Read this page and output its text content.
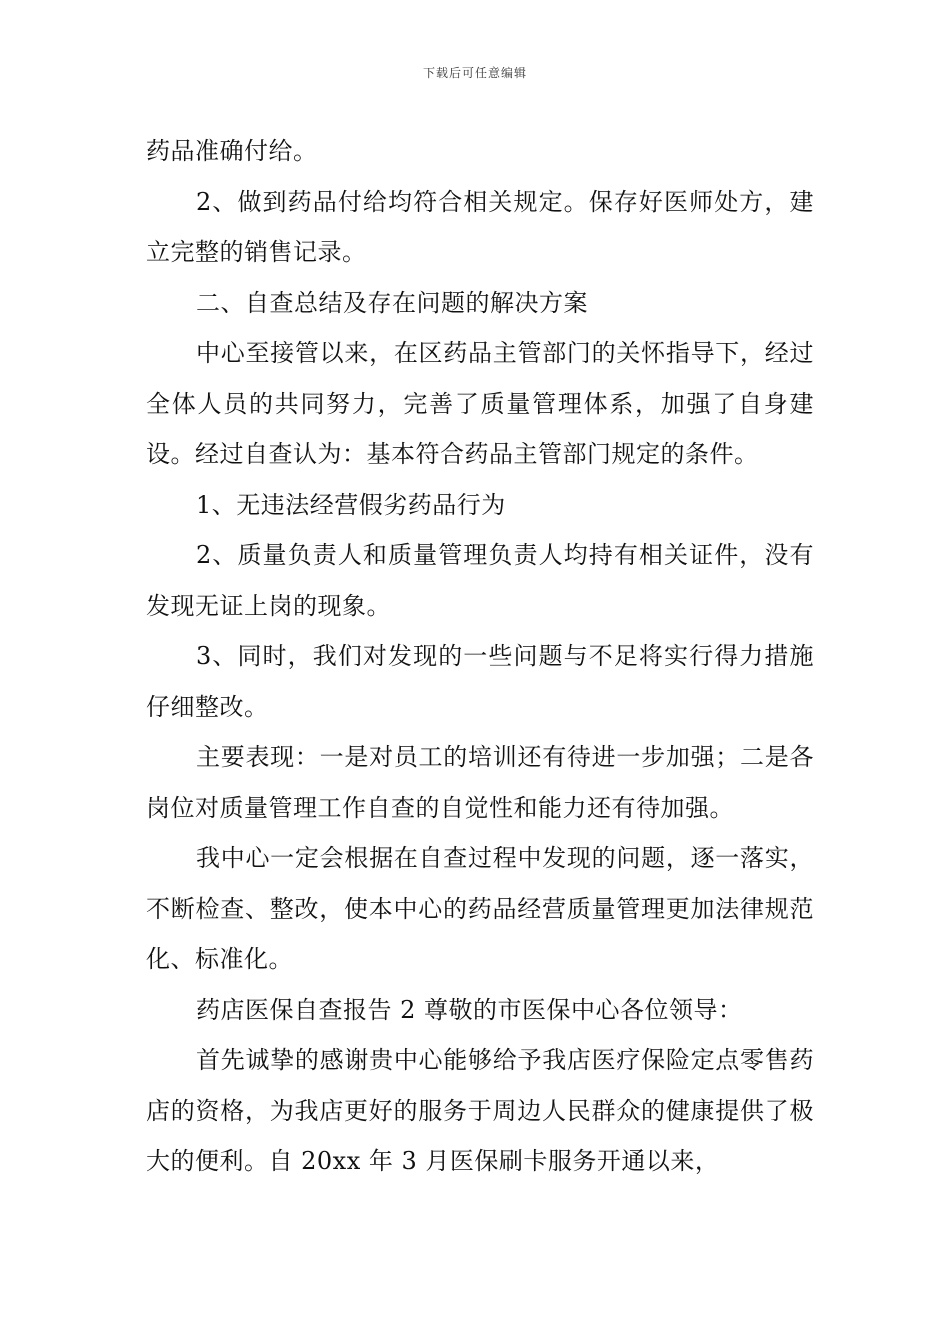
下载后可任意编辑

药品准确付给。

2、做到药品付给均符合相关规定。保存好医师处方，建立完整的销售记录。

二、自查总结及存在问题的解决方案

中心至接管以来，在区药品主管部门的关怀指导下，经过全体人员的共同努力，完善了质量管理体系，加强了自身建设。经过自查认为：基本符合药品主管部门规定的条件。

1、无违法经营假劣药品行为

2、质量负责人和质量管理负责人均持有相关证件，没有发现无证上岗的现象。

3、同时，我们对发现的一些问题与不足将实行得力措施仔细整改。

主要表现：一是对员工的培训还有待进一步加强；二是各岗位对质量管理工作自查的自觉性和能力还有待加强。

我中心一定会根据在自查过程中发现的问题，逐一落实，不断检查、整改，使本中心的药品经营质量管理更加法律规范化、标准化。

药店医保自查报告 2 尊敬的市医保中心各位领导：

首先诚挚的感谢贵中心能够给予我店医疗保险定点零售药店的资格，为我店更好的服务于周边人民群众的健康提供了极大的便利。自 20xx 年 3 月医保刷卡服务开通以来，
